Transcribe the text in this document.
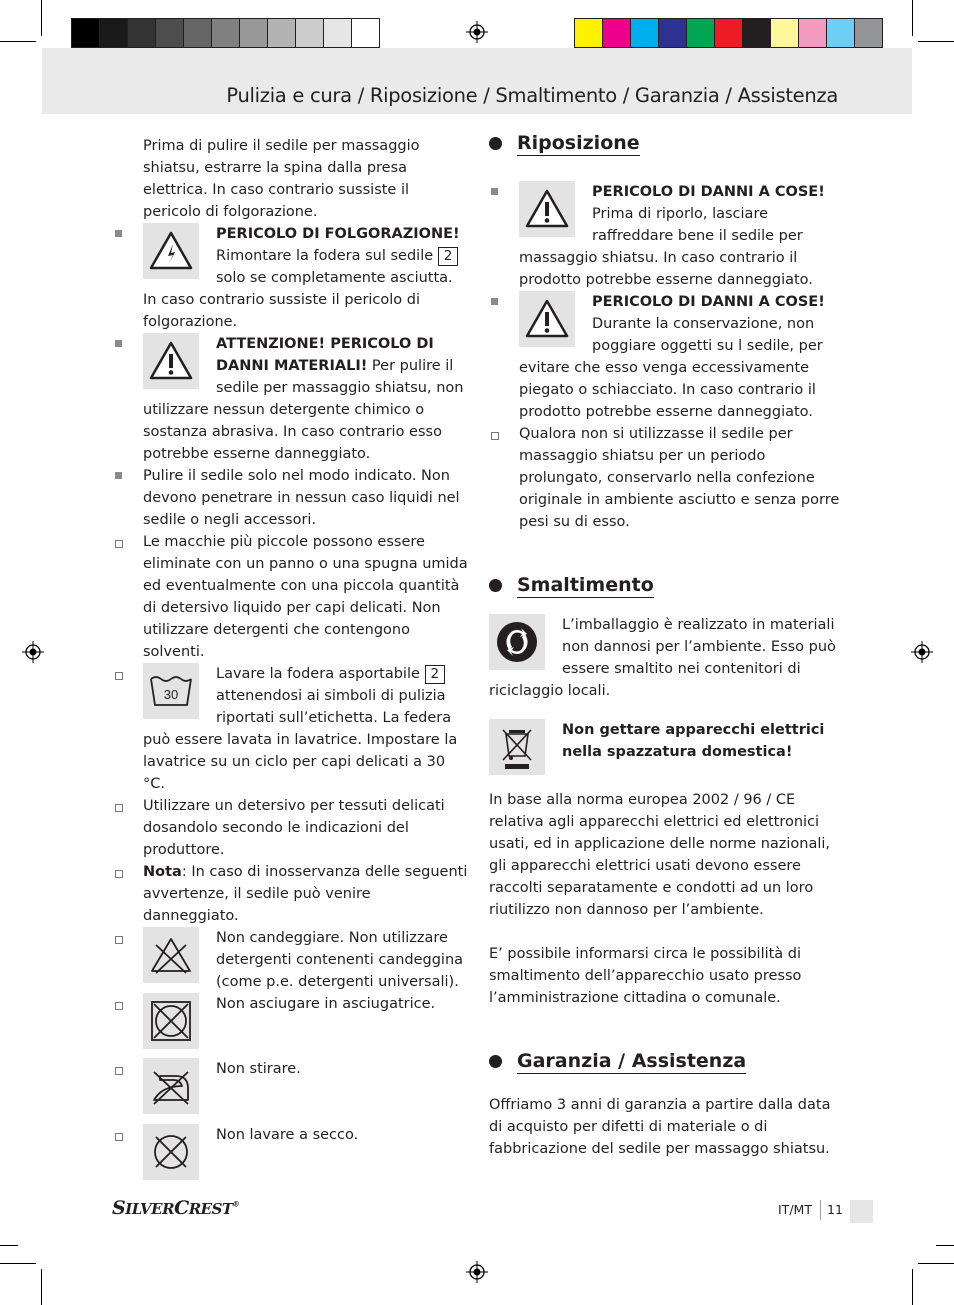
Pulizia e cura / Riposizione / Smaltimento / Garanzia / Assistenza

Prima di pulire il sedile per massaggio shiatsu, estrarre la spina dalla presa elettrica. In caso contrario sussiste il pericolo di folgorazione.

PERICOLO DI FOLGORAZIONE! Rimontare la fodera sul sedile 2 solo se completamente asciutta. In caso contrario sussiste il pericolo di folgorazione.
ATTENZIONE! PERICOLO DI DANNI MATERIALI! Per pulire il sedile per massaggio shiatsu, non utilizzare nessun detergente chimico o sostanza abrasiva. In caso contrario esso potrebbe esserne danneggiato.
Pulire il sedile solo nel modo indicato. Non devono penetrare in nessun caso liquidi nel sedile o negli accessori.
Le macchie più piccole possono essere eliminate con un panno o una spugna umida ed eventualmente con una piccola quantità di detersivo liquido per capi delicati. Non utilizzare detergenti che contengono solventi.
30
Lavare la fodera asportabile 2 attenendosi ai simboli di pulizia riportati sull’etichetta. La federa può essere lavata in lavatrice. Impostare la lavatrice su un ciclo per capi delicati a 30 °C.
Utilizzare un detersivo per tessuti delicati dosandolo secondo le indicazioni del produttore.
Nota: In caso di inosservanza delle seguenti avvertenze, il sedile può venire danneggiato.
Non candeggiare. Non utilizzare detergenti contenenti candeggina (come p.e. detergenti universali).
Non asciugare in asciugatrice.
Non stirare.
Non lavare a secco.
Riposizione
PERICOLO DI DANNI A COSE! Prima di riporlo, lasciare raffreddare bene il sedile per massaggio shiatsu. In caso contrario il prodotto potrebbe esserne danneggiato.
PERICOLO DI DANNI A COSE! Durante la conservazione, non poggiare oggetti su l sedile, per evitare che esso venga eccessivamente piegato o schiacciato. In caso contrario il prodotto potrebbe esserne danneggiato.
Qualora non si utilizzasse il sedile per massaggio shiatsu per un periodo prolungato, conservarlo nella confezione originale in ambiente asciutto e senza porre pesi su di esso.
Smaltimento
L’imballaggio è realizzato in materiali non dannosi per l’ambiente. Esso può essere smaltito nei contenitori di riciclaggio locali.
Non gettare apparecchi elettrici nella spazzatura domestica!

In base alla norma europea 2002 / 96 / CE relativa agli apparecchi elettrici ed elettronici usati, ed in applicazione delle norme nazionali, gli apparecchi elettrici usati devono essere raccolti separatamente e condotti ad un loro riutilizzo non dannoso per l’ambiente.

E’ possibile informarsi circa le possibilità di smaltimento dell’apparecchio usato presso l’amministrazione cittadina o comunale.

Garanzia / Assistenza

Offriamo 3 anni di garanzia a partire dalla data di acquisto per difetti di materiale o di fabbricazione del sedile per massaggo shiatsu.

SILVERCREST®	IT/MT 11
